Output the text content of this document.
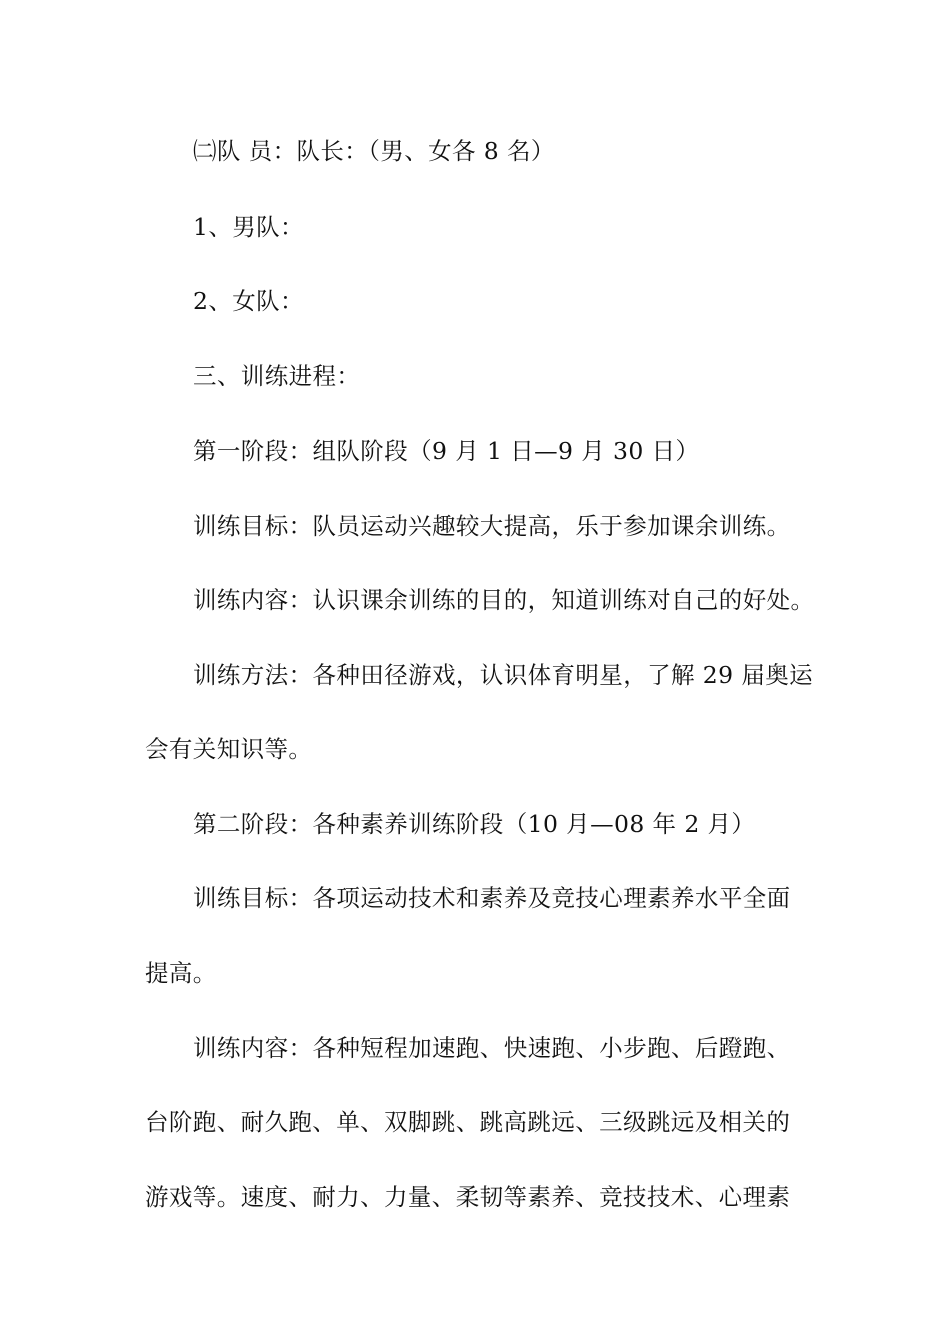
㈡队 员：队长：（男、女各 8 名）
1、男队：
2、女队：
三、训练进程：
第一阶段：组队阶段（9 月 1 日—9 月 30 日）
训练目标：队员运动兴趣较大提高，乐于参加课余训练。
训练内容：认识课余训练的目的，知道训练对自己的好处。
训练方法：各种田径游戏，认识体育明星，了解 29 届奥运
会有关知识等。
第二阶段：各种素养训练阶段（10 月—08 年 2 月）
训练目标：各项运动技术和素养及竞技心理素养水平全面
提高。
训练内容：各种短程加速跑、快速跑、小步跑、后蹬跑、
台阶跑、耐久跑、单、双脚跳、跳高跳远、三级跳远及相关的
游戏等。速度、耐力、力量、柔韧等素养、竞技技术、心理素
